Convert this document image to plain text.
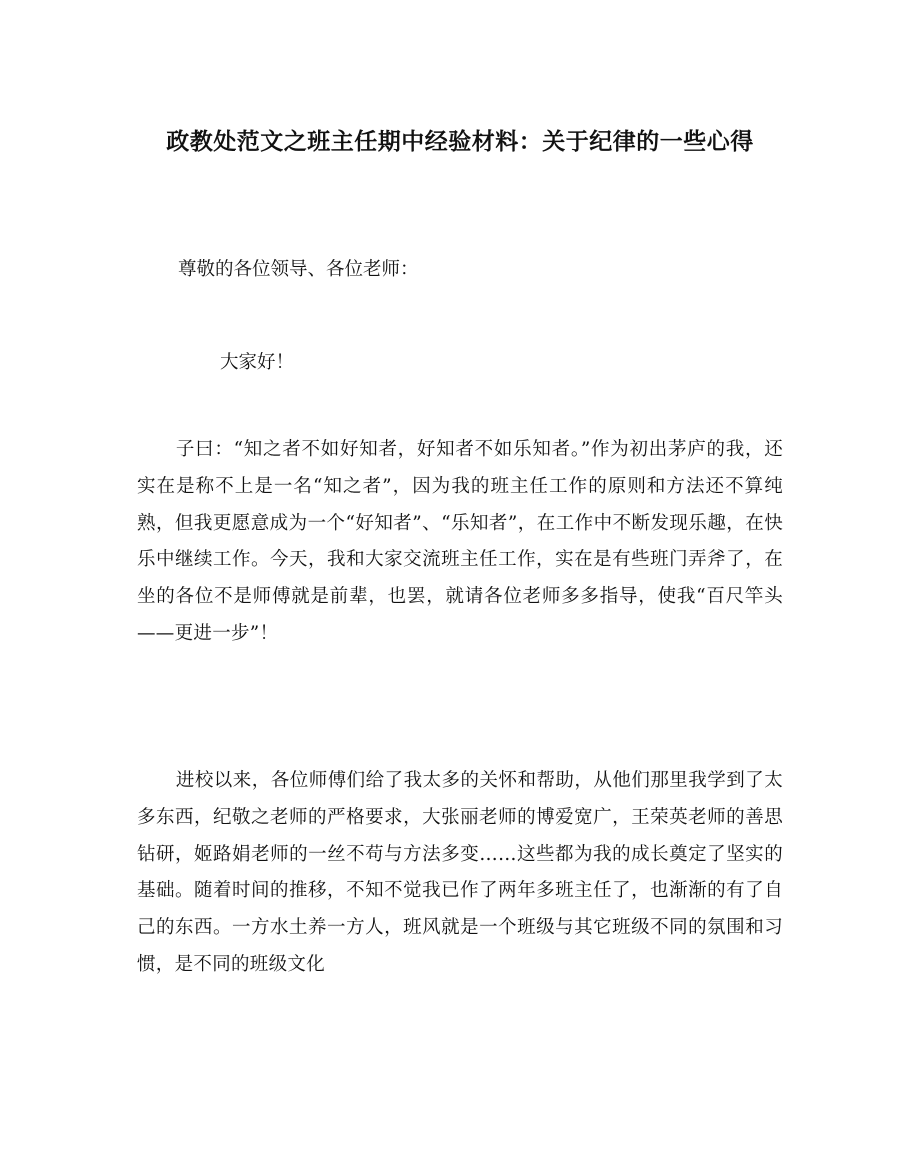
政教处范文之班主任期中经验材料：关于纪律的一些心得

尊敬的各位领导、各位老师：

大家好！

子曰：“知之者不如好知者，好知者不如乐知者。”作为初出茅庐的我，还实在是称不上是一名“知之者”，因为我的班主任工作的原则和方法还不算纯熟，但我更愿意成为一个“好知者”、“乐知者”，在工作中不断发现乐趣，在快乐中继续工作。今天，我和大家交流班主任工作，实在是有些班门弄斧了，在坐的各位不是师傅就是前辈，也罢，就请各位老师多多指导，使我“百尺竿头——更进一步”！

进校以来，各位师傅们给了我太多的关怀和帮助，从他们那里我学到了太多东西，纪敬之老师的严格要求，大张丽老师的博爱宽广，王荣英老师的善思钻研，姬路娟老师的一丝不苟与方法多变……这些都为我的成长奠定了坚实的基础。随着时间的推移，不知不觉我已作了两年多班主任了，也渐渐的有了自己的东西。一方水土养一方人，班风就是一个班级与其它班级不同的氛围和习惯，是不同的班级文化
